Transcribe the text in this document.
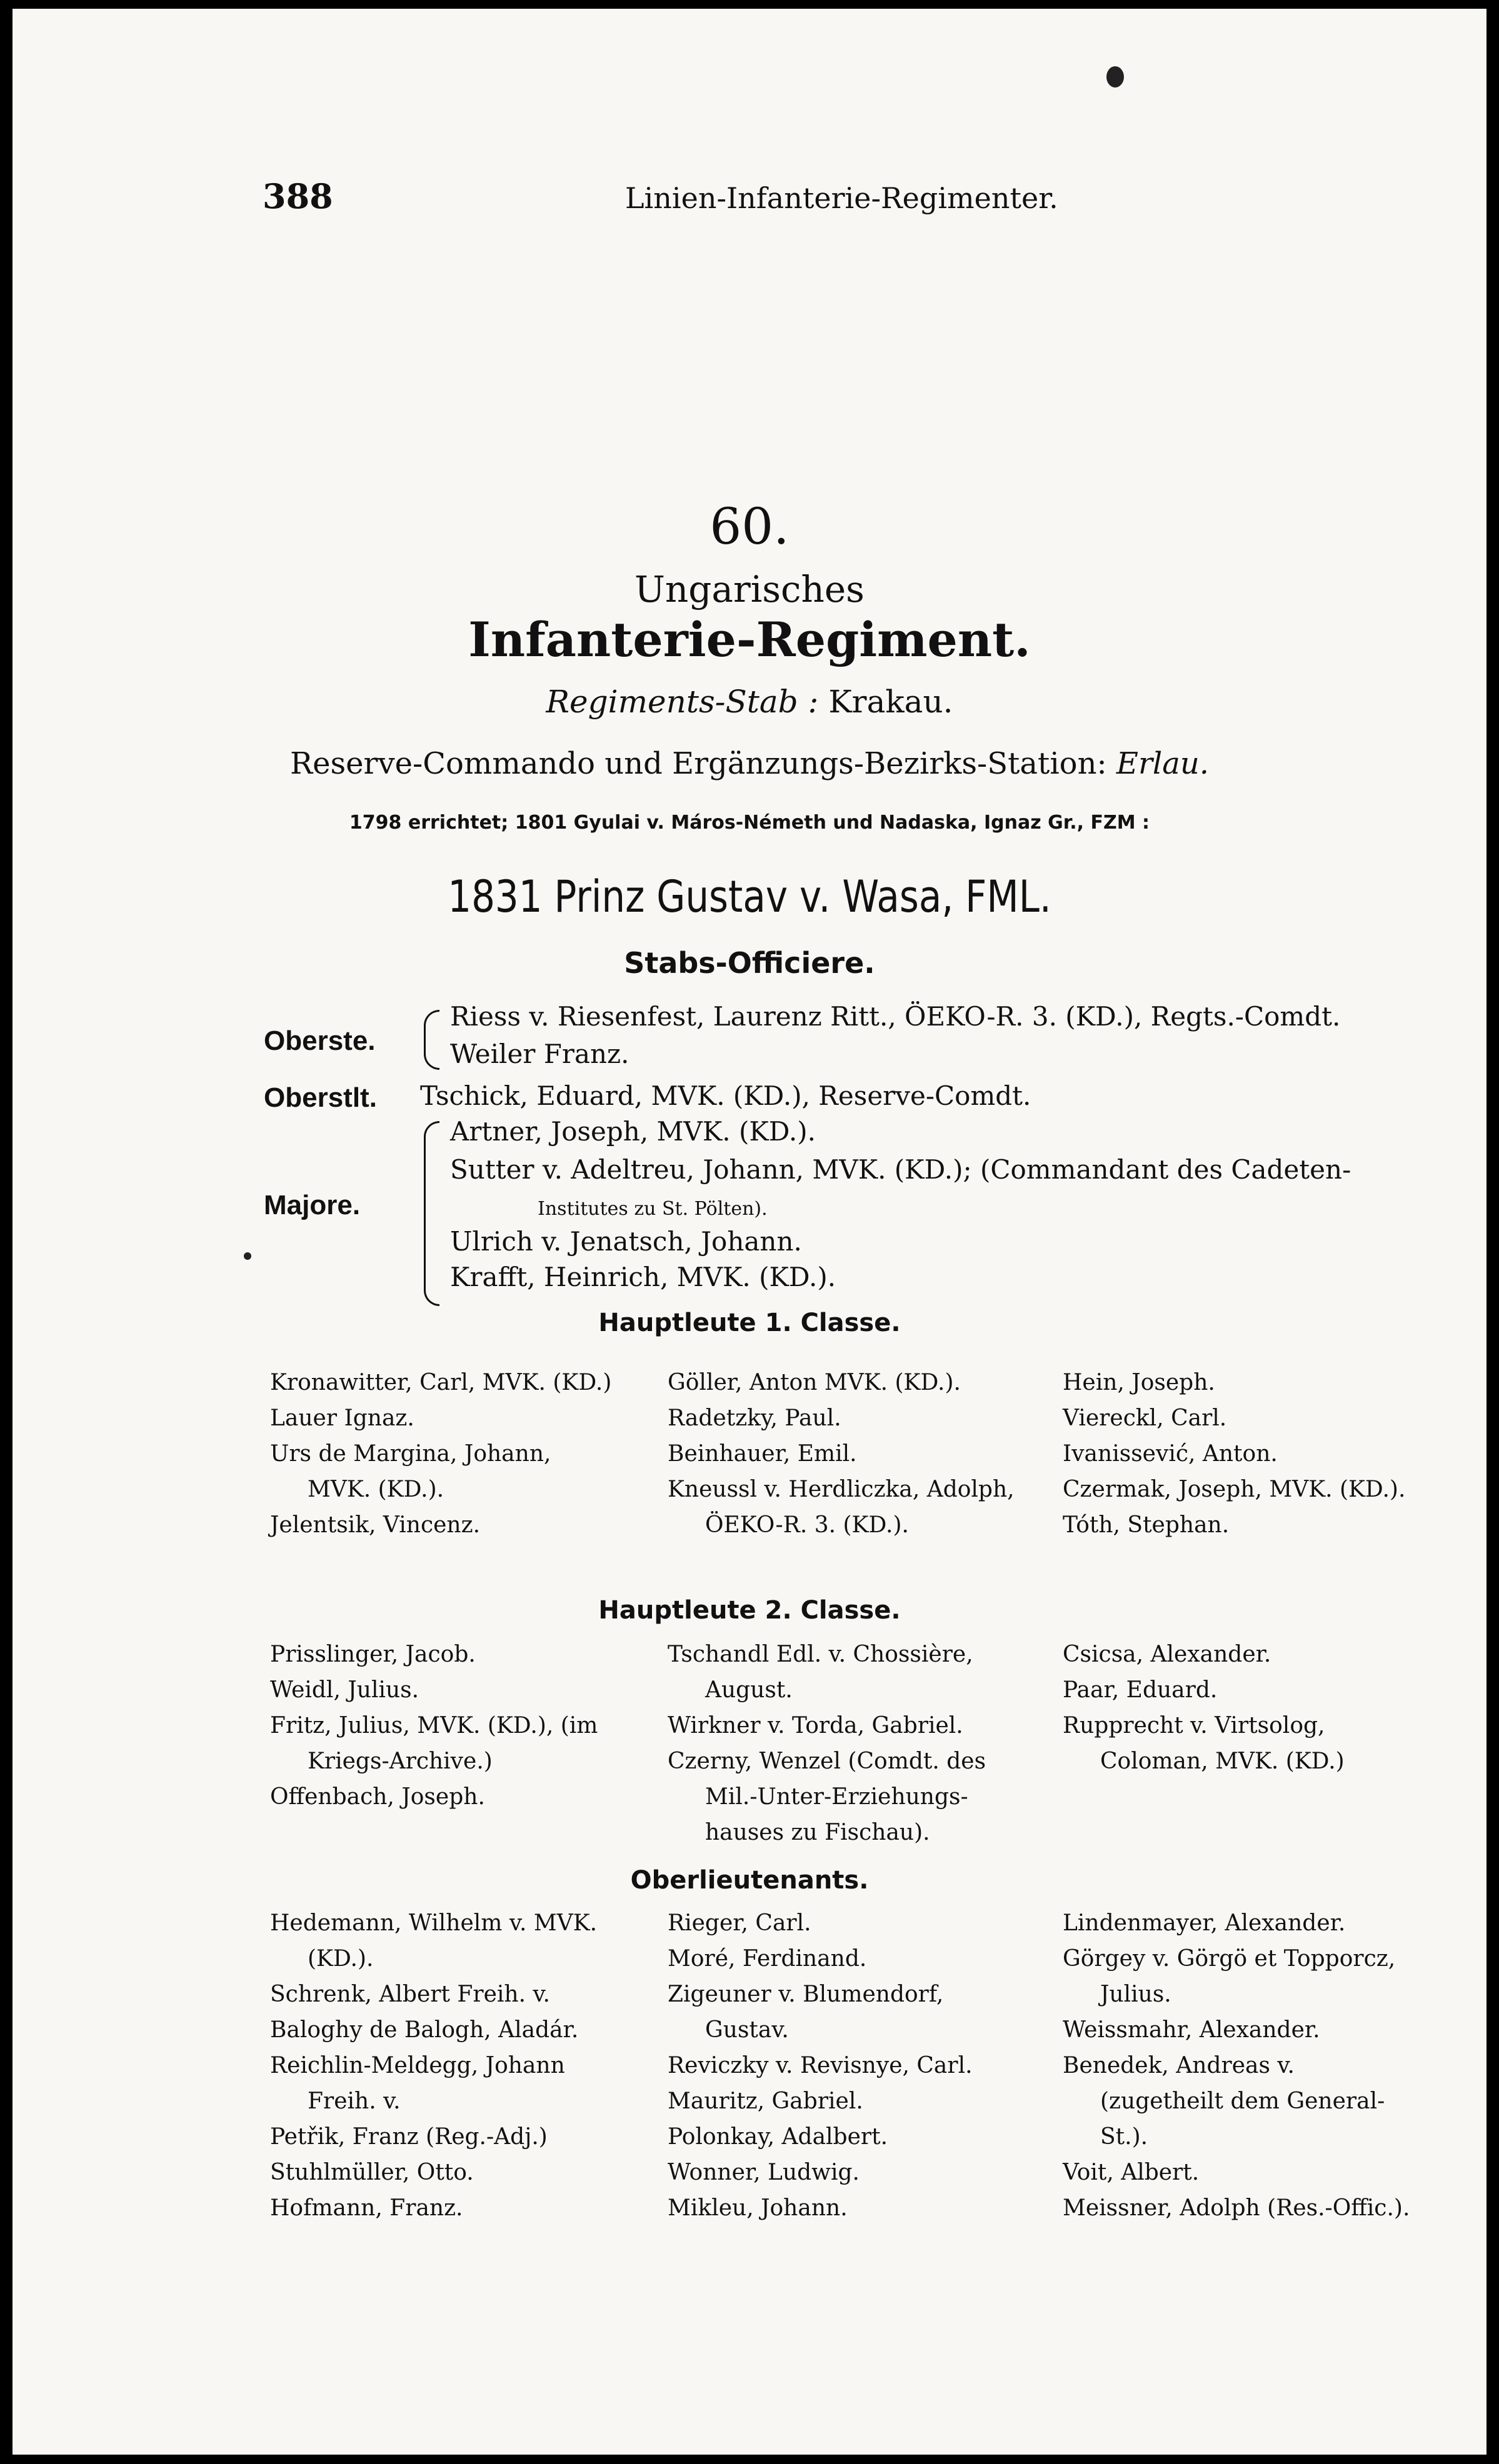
388	Linien-Infanterie-Regimenter.
60.
Ungarisches
Infanterie-Regiment.
Regiments-Stab : Krakau.
Reserve-Commando und Ergänzungs-Bezirks-Station: Erlau.
1798 errichtet; 1801 Gyulai v. Máros-Németh und Nadaska, Ignaz Gr., FZM :
1831 Prinz Gustav v. Wasa, FML.
Stabs-Officiere.
Oberste.
Riess v. Riesenfest, Laurenz Ritt., ÖEKO-R. 3. (KD.), Regts.-Comdt.
Weiler Franz.
Oberstlt. Tschick, Eduard, MVK. (KD.), Reserve-Comdt.
Majore.
Artner, Joseph, MVK. (KD.).
Sutter v. Adeltreu, Johann, MVK. (KD.); (Commandant des Cadeten-
Institutes zu St. Pölten).
Ulrich v. Jenatsch, Johann.
Krafft, Heinrich, MVK. (KD.).
Hauptleute 1. Classe.

Kronawitter, Carl, MVK. (KD.)

Lauer Ignaz.

Urs de Margina, Johann, MVK. (KD.).

Jelentsik, Vincenz.

Göller, Anton MVK. (KD.).

Radetzky, Paul.

Beinhauer, Emil.

Kneussl v. Herdliczka, Adolph, ÖEKO-R. 3. (KD.).

Hein, Joseph.

Viereckl, Carl.

Ivanissević, Anton.

Czermak, Joseph, MVK. (KD.).

Tóth, Stephan.

Hauptleute 2. Classe.

Prisslinger, Jacob.

Weidl, Julius.

Fritz, Julius, MVK. (KD.), (im Kriegs-Archive.)

Offenbach, Joseph.

Tschandl Edl. v. Chossière, August.

Wirkner v. Torda, Gabriel.

Czerny, Wenzel (Comdt. des Mil.-Unter-Erziehungs-hauses zu Fischau).

Csicsa, Alexander.

Paar, Eduard.

Rupprecht v. Virtsolog, Coloman, MVK. (KD.)

Oberlieutenants.

Hedemann, Wilhelm v. MVK. (KD.).

Schrenk, Albert Freih. v.

Baloghy de Balogh, Aladár.

Reichlin-Meldegg, Johann Freih. v.

Petřik, Franz (Reg.-Adj.)

Stuhlmüller, Otto.

Hofmann, Franz.

Rieger, Carl.

Moré, Ferdinand.

Zigeuner v. Blumendorf, Gustav.

Reviczky v. Revisnye, Carl.

Mauritz, Gabriel.

Polonkay, Adalbert.

Wonner, Ludwig.

Mikleu, Johann.

Lindenmayer, Alexander.

Görgey v. Görgö et Topporcz, Julius.

Weissmahr, Alexander.

Benedek, Andreas v. (zugetheilt dem General-St.).

Voit, Albert.

Meissner, Adolph (Res.-Offic.).
